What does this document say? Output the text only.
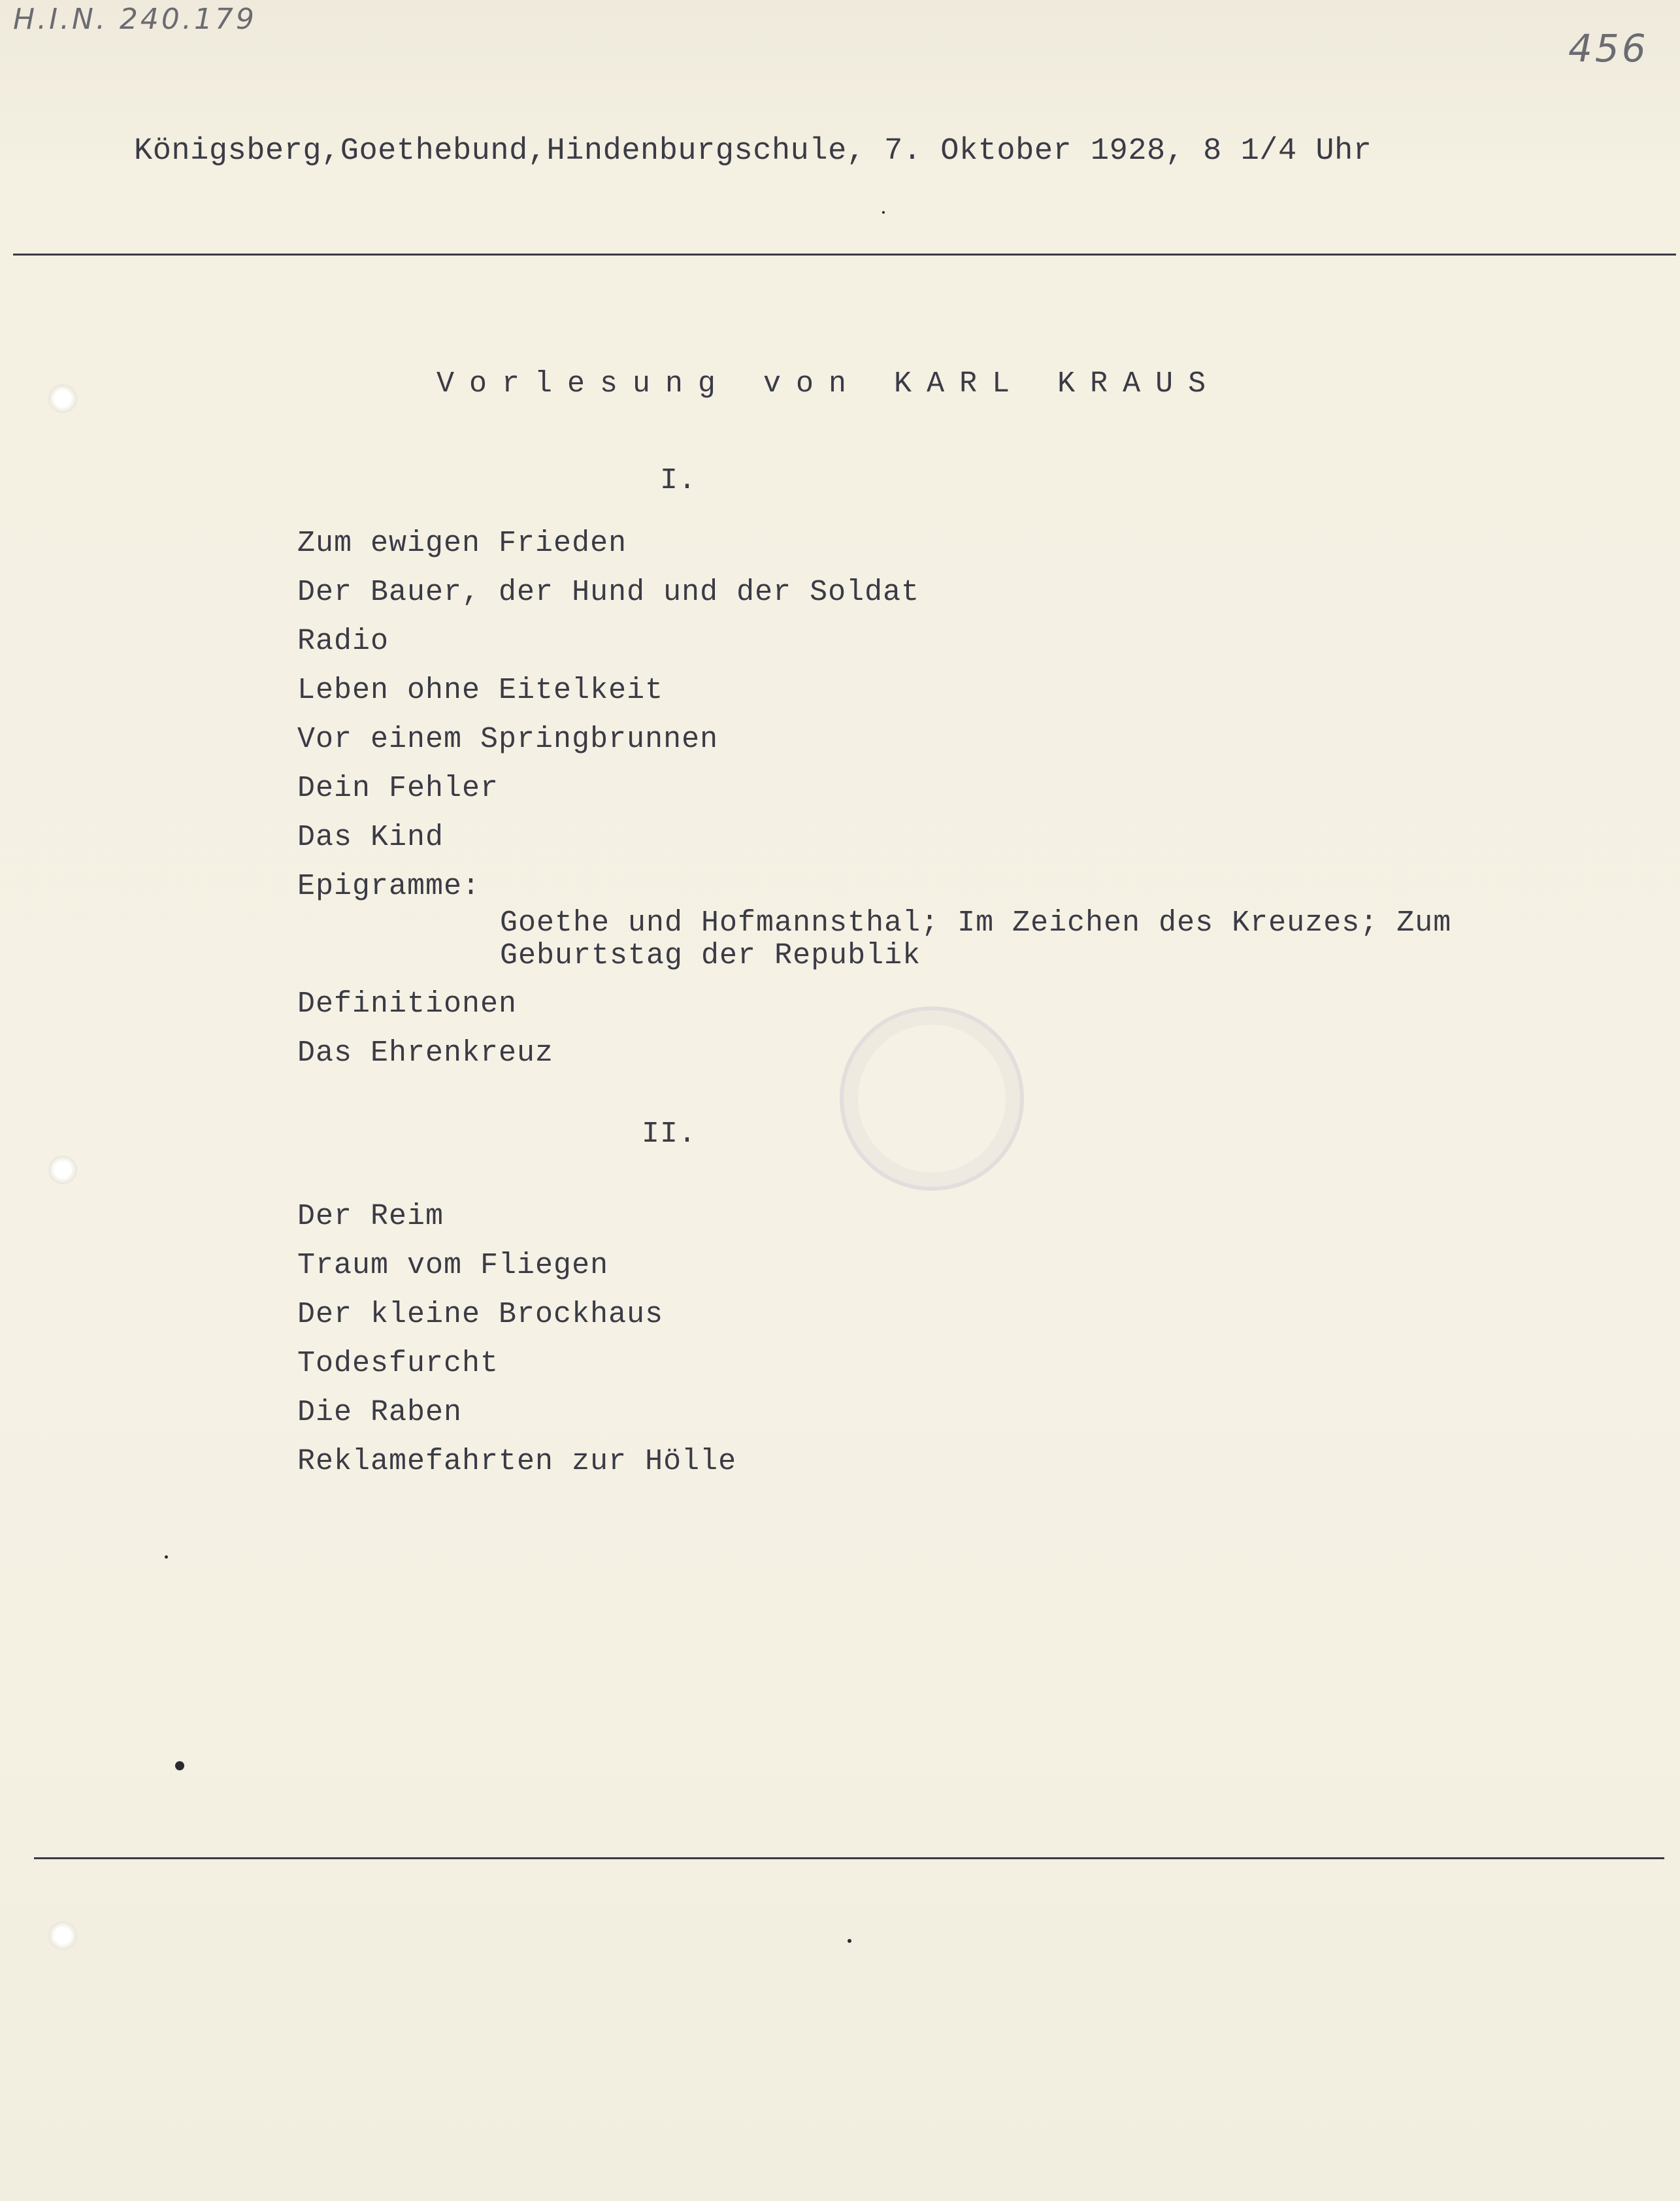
H.I.N. 240.179
456
Königsberg,Goethebund,Hindenburgschule, 7. Oktober 1928, 8 1/4 Uhr
Vorlesung von KARL KRAUS
I.
Zum ewigen Frieden
Der Bauer, der Hund und der Soldat
Radio
Leben ohne Eitelkeit
Vor einem Springbrunnen
Dein Fehler
Das Kind
Epigramme:
Goethe und Hofmannsthal; Im Zeichen des Kreuzes; Zum
Geburtstag der Republik
Definitionen
Das Ehrenkreuz
II.
Der Reim
Traum vom Fliegen
Der kleine Brockhaus
Todesfurcht
Die Raben
Reklamefahrten zur Hölle
